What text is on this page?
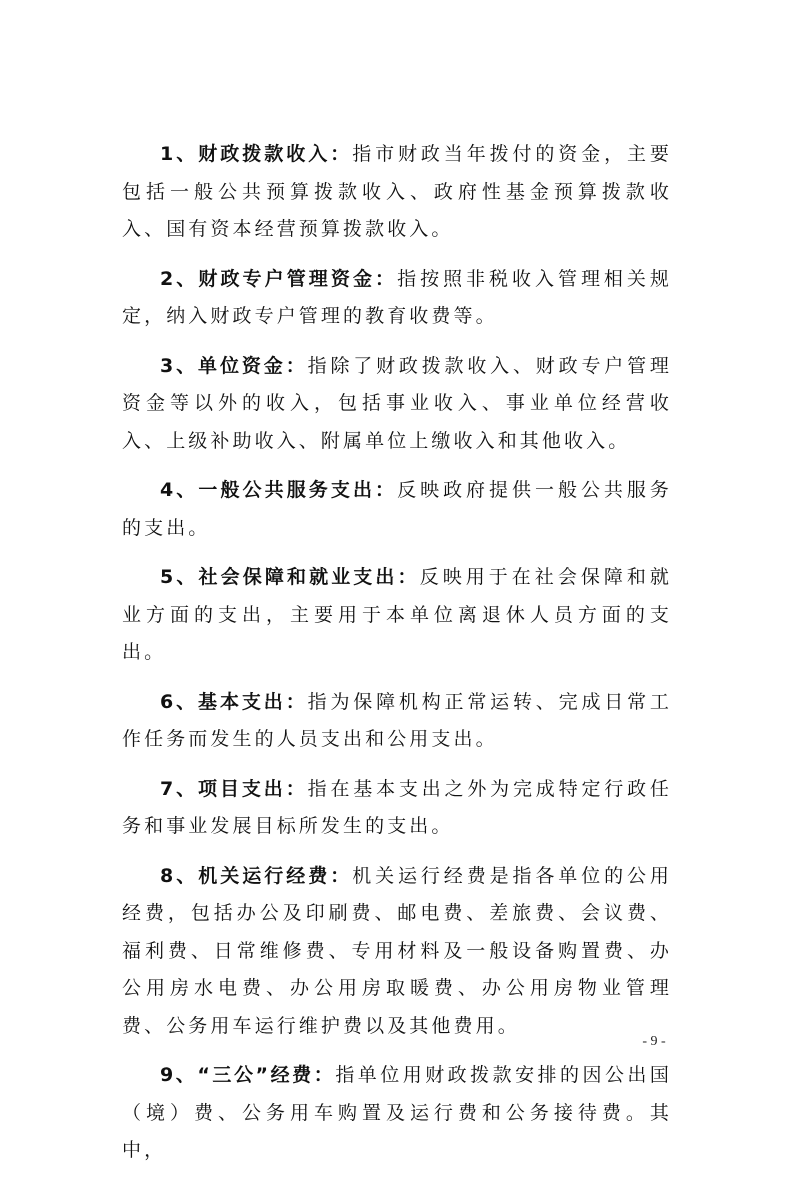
1、财政拨款收入：指市财政当年拨付的资金，主要包括一般公共预算拨款收入、政府性基金预算拨款收入、国有资本经营预算拨款收入。

2、财政专户管理资金：指按照非税收入管理相关规定，纳入财政专户管理的教育收费等。

3、单位资金：指除了财政拨款收入、财政专户管理资金等以外的收入，包括事业收入、事业单位经营收入、上级补助收入、附属单位上缴收入和其他收入。

4、一般公共服务支出：反映政府提供一般公共服务的支出。

5、社会保障和就业支出：反映用于在社会保障和就业方面的支出，主要用于本单位离退休人员方面的支出。

6、基本支出：指为保障机构正常运转、完成日常工作任务而发生的人员支出和公用支出。

7、项目支出：指在基本支出之外为完成特定行政任务和事业发展目标所发生的支出。

8、机关运行经费：机关运行经费是指各单位的公用经费，包括办公及印刷费、邮电费、差旅费、会议费、福利费、日常维修费、专用材料及一般设备购置费、办公用房水电费、办公用房取暖费、办公用房物业管理费、公务用车运行维护费以及其他费用。

9、“三公”经费：指单位用财政拨款安排的因公出国（境）费、公务用车购置及运行费和公务接待费。其中，

- 9 -
